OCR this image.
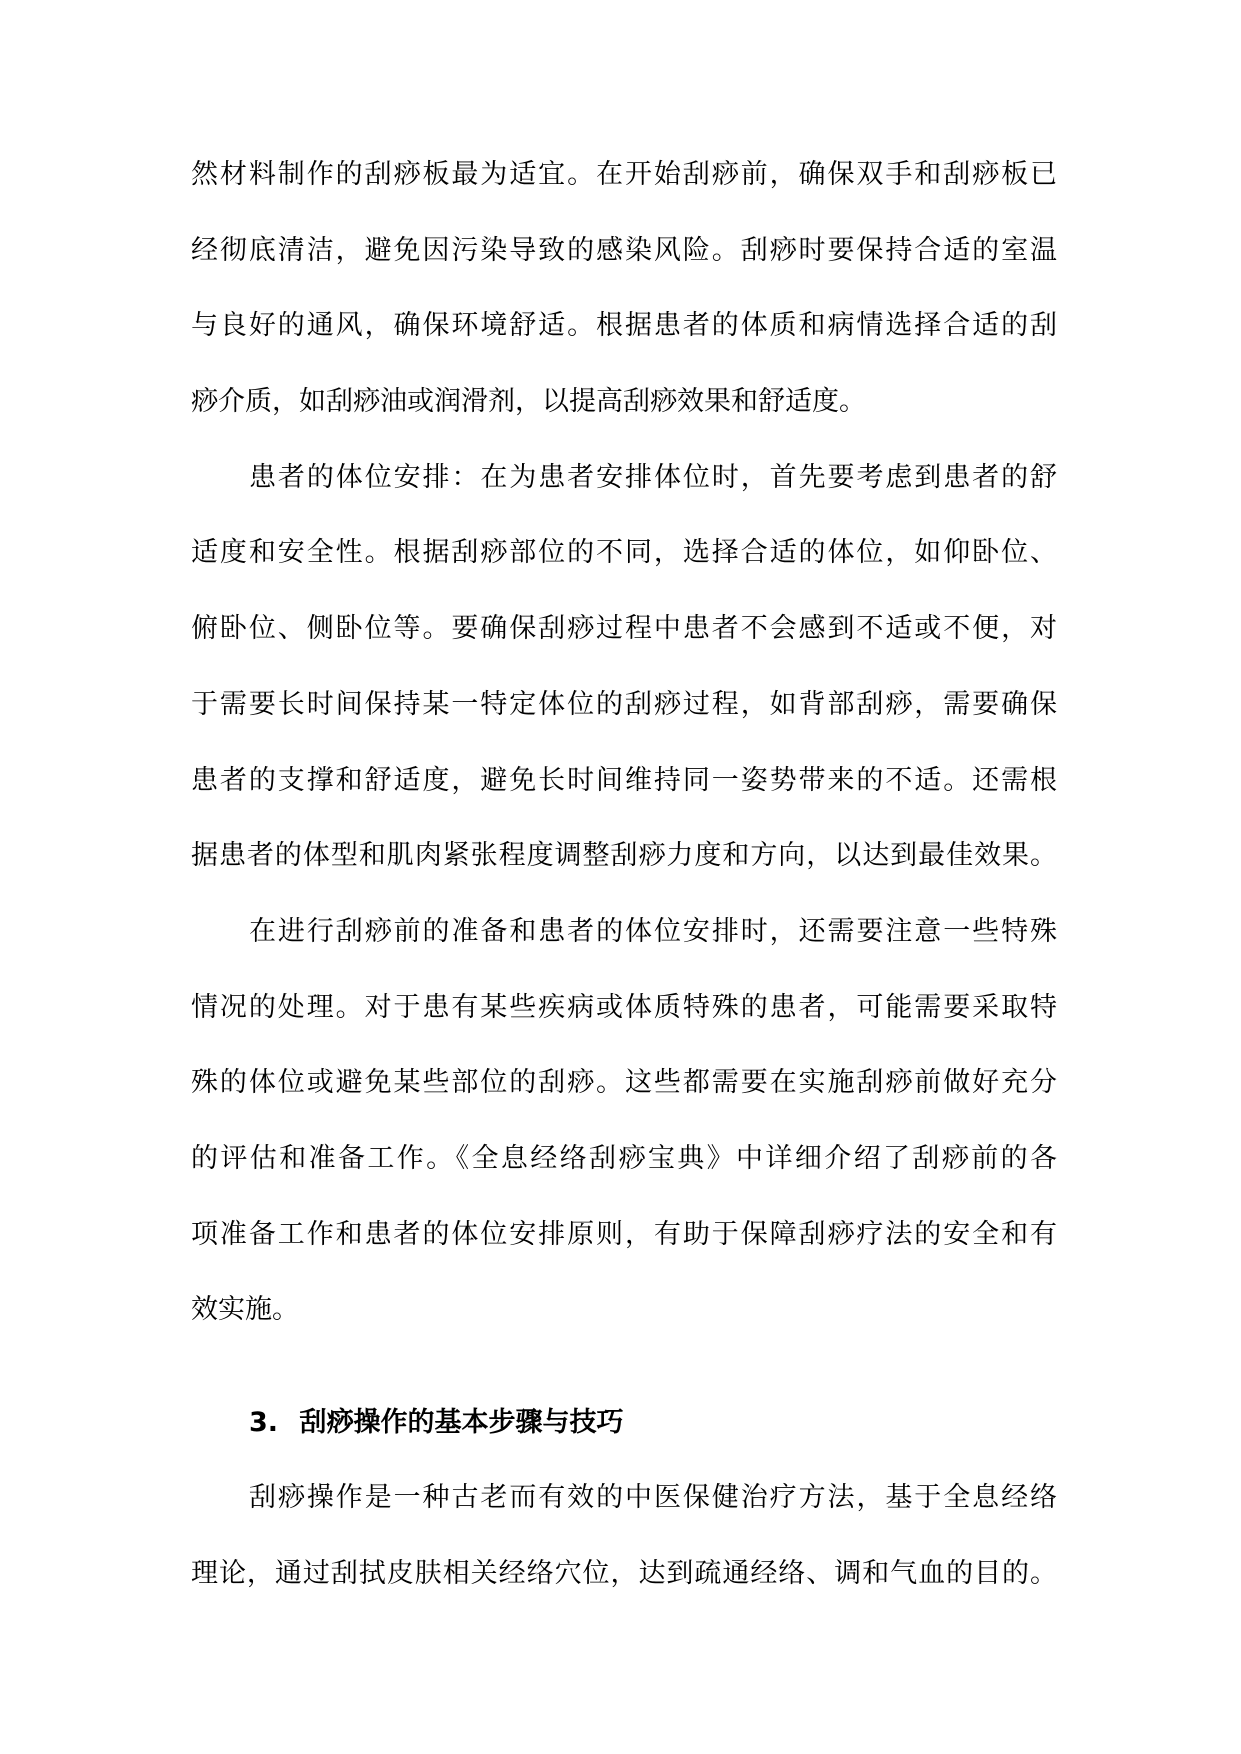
然材料制作的刮痧板最为适宜。在开始刮痧前，确保双手和刮痧板已
经彻底清洁，避免因污染导致的感染风险。刮痧时要保持合适的室温
与良好的通风，确保环境舒适。根据患者的体质和病情选择合适的刮
痧介质，如刮痧油或润滑剂，以提高刮痧效果和舒适度。
患者的体位安排：在为患者安排体位时，首先要考虑到患者的舒
适度和安全性。根据刮痧部位的不同，选择合适的体位，如仰卧位、
俯卧位、侧卧位等。要确保刮痧过程中患者不会感到不适或不便，对
于需要长时间保持某一特定体位的刮痧过程，如背部刮痧，需要确保
患者的支撑和舒适度，避免长时间维持同一姿势带来的不适。还需根
据患者的体型和肌肉紧张程度调整刮痧力度和方向，以达到最佳效果。
在进行刮痧前的准备和患者的体位安排时，还需要注意一些特殊
情况的处理。对于患有某些疾病或体质特殊的患者，可能需要采取特
殊的体位或避免某些部位的刮痧。这些都需要在实施刮痧前做好充分
的评估和准备工作。《全息经络刮痧宝典》中详细介绍了刮痧前的各
项准备工作和患者的体位安排原则，有助于保障刮痧疗法的安全和有
效实施。
3. 刮痧操作的基本步骤与技巧
刮痧操作是一种古老而有效的中医保健治疗方法，基于全息经络
理论，通过刮拭皮肤相关经络穴位，达到疏通经络、调和气血的目的。
